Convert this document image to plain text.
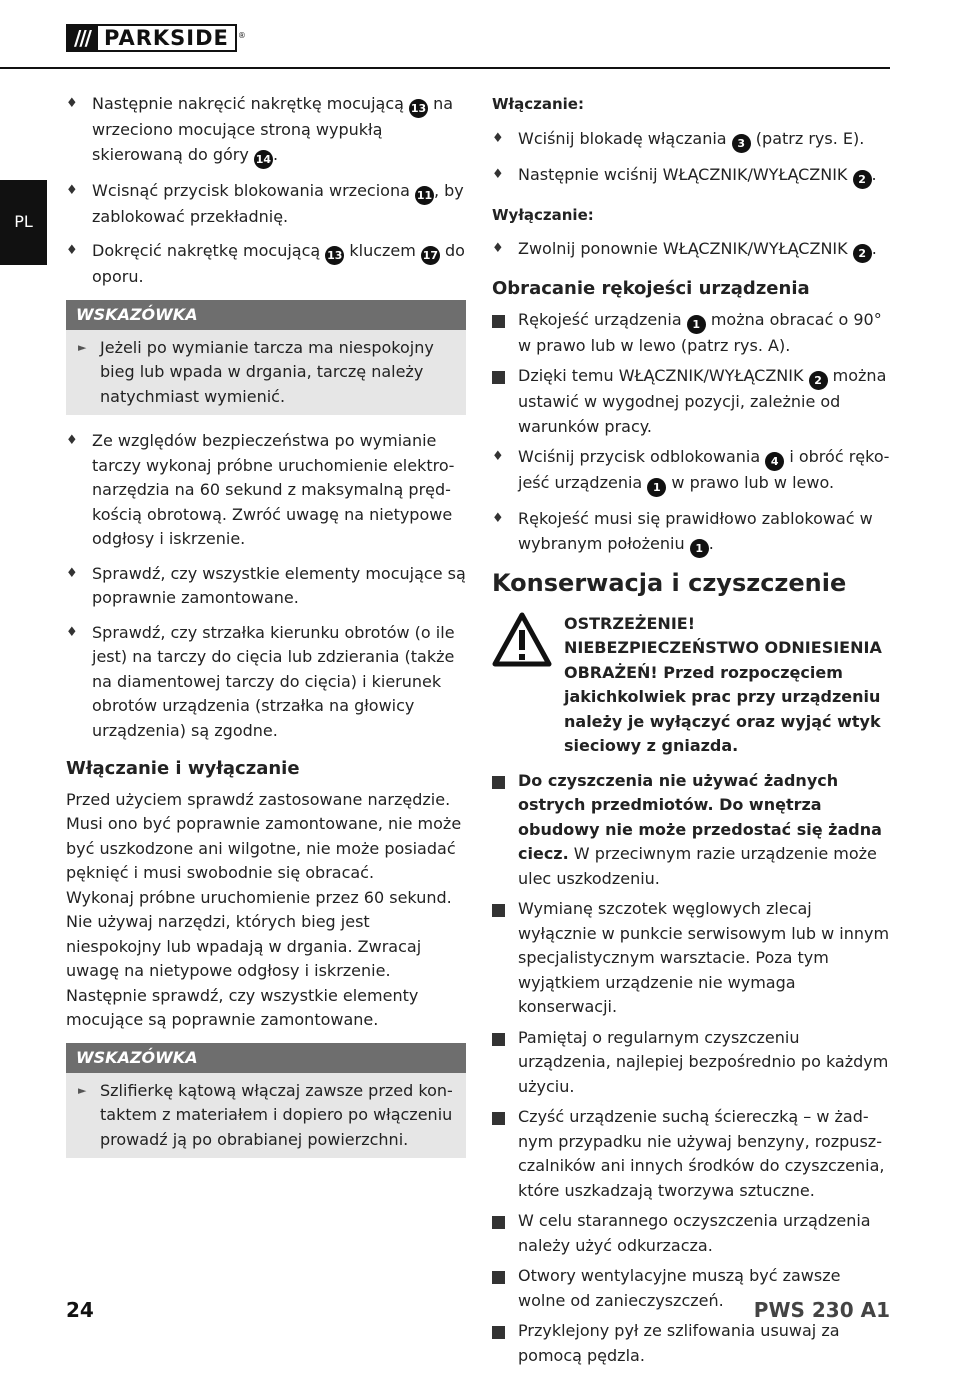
/// PARKSIDE	®
PL
♦ Następnie nakręcić nakrętkę mocującą 13 na wrzeciono mocujące stroną wypukłą skierowaną do góry 14 .
♦ Wcisnąć przycisk blokowania wrzeciona 11 , by zablokować przekładnię.
♦ Dokręcić nakrętkę mocującą 13 kluczem 17 do oporu.
WSKAZÓWKA
► Jeżeli po wymianie tarcza ma niespokojny bieg lub wpada w drgania, tarczę należy natychmiast wymienić.
♦ Ze względów bezpieczeństwa po wymianie tarczy wykonaj próbne uruchomienie elektronarzędzia na 60 sekund z maksymalną prędkością obrotową. Zwróć uwagę na nietypowe odgłosy i iskrzenie.
♦ Sprawdź, czy wszystkie elementy mocujące są poprawnie zamontowane.
♦ Sprawdź, czy strzałka kierunku obrotów (o ile jest) na tarczy do cięcia lub zdzierania (także na diamentowej tarczy do cięcia) i kierunek obrotów urządzenia (strzałka na głowicy urządzenia) są zgodne.
Włączanie i wyłączanie
Przed użyciem sprawdź zastosowane narzędzie. Musi ono być poprawnie zamontowane, nie może być uszkodzone ani wilgotne, nie może posiadać pęknięć i musi swobodnie się obracać.
Wykonaj próbne uruchomienie przez 60 sekund. Nie używaj narzędzi, których bieg jest niespokojny lub wpadają w drgania. Zwracaj uwagę na nietypowe odgłosy i iskrzenie. Następnie sprawdź, czy wszystkie elementy mocujące są poprawnie zamontowane.
WSKAZÓWKA
► Szlifierkę kątową włączaj zawsze przed kontaktem z materiałem i dopiero po włączeniu prowadź ją po obrabianej powierzchni.
Włączanie:
♦ Wciśnij blokadę włączania 3 (patrz rys. E).
♦ Następnie wciśnij WŁĄCZNIK/WYŁĄCZNIK 2 .
Wyłączanie:
♦ Zwolnij ponownie WŁĄCZNIK/WYŁĄCZNIK 2 .
Obracanie rękojeści urządzenia
Rękojeść urządzenia 1 można obracać o 90° w prawo lub w lewo (patrz rys. A).
Dzięki temu WŁĄCZNIK/WYŁĄCZNIK 2 można ustawić w wygodnej pozycji, zależnie od warunków pracy.
♦ Wciśnij przycisk odblokowania 4 i obróć rękojeść urządzenia 1 w prawo lub w lewo.
♦ Rękojeść musi się prawidłowo zablokować w wybranym położeniu 1 .
Konserwacja i czyszczenie
OSTRZEŻENIE! NIEBEZPIECZEŃSTWO ODNIESIENIA OBRAŻEŃ! Przed rozpoczęciem jakichkolwiek prac przy urządzeniu należy je wyłączyć oraz wyjąć wtyk sieciowy z gniazda.
Do czyszczenia nie używać żadnych ostrych przedmiotów. Do wnętrza obudowy nie może przedostać się żadna ciecz. W przeciwnym razie urządzenie może ulec uszkodzeniu.
Wymianę szczotek węglowych zlecaj wyłącznie w punkcie serwisowym lub w innym specjalistycznym warsztacie. Poza tym wyjątkiem urządzenie nie wymaga konserwacji.
Pamiętaj o regularnym czyszczeniu urządzenia, najlepiej bezpośrednio po każdym użyciu.
Czyść urządzenie suchą ściereczką – w żadnym przypadku nie używaj benzyny, rozpuszczalników ani innych środków do czyszczenia, które uszkadzają tworzywa sztuczne.
W celu starannego oczyszczenia urządzenia należy użyć odkurzacza.
Otwory wentylacyjne muszą być zawsze wolne od zanieczyszczeń.
Przyklejony pył ze szlifowania usuwaj za pomocą pędzla.
24	PWS 230 A1
